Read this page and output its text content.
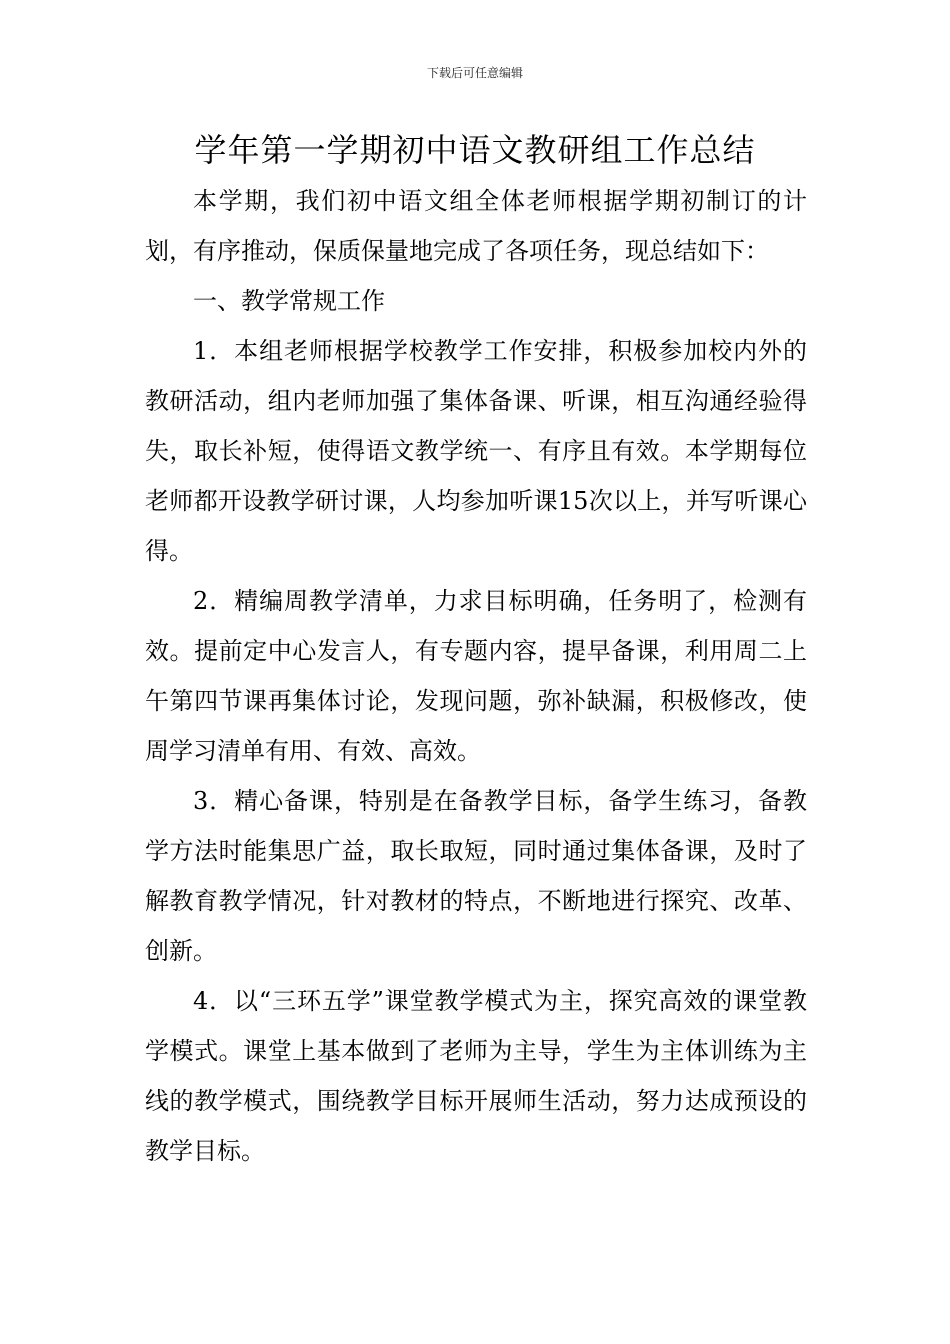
下载后可任意编辑
学年第一学期初中语文教研组工作总结

本学期，我们初中语文组全体老师根据学期初制订的计划，有序推动，保质保量地完成了各项任务，现总结如下：

一、教学常规工作

1．本组老师根据学校教学工作安排，积极参加校内外的教研活动，组内老师加强了集体备课、听课，相互沟通经验得失，取长补短，使得语文教学统一、有序且有效。本学期每位老师都开设教学研讨课，人均参加听课15次以上，并写听课心得。

2．精编周教学清单，力求目标明确，任务明了，检测有效。提前定中心发言人，有专题内容，提早备课，利用周二上午第四节课再集体讨论，发现问题，弥补缺漏，积极修改，使周学习清单有用、有效、高效。

3．精心备课，特别是在备教学目标，备学生练习，备教学方法时能集思广益，取长取短，同时通过集体备课，及时了解教育教学情况，针对教材的特点，不断地进行探究、改革、创新。

4．以“三环五学”课堂教学模式为主，探究高效的课堂教学模式。课堂上基本做到了老师为主导，学生为主体训练为主线的教学模式，围绕教学目标开展师生活动，努力达成预设的教学目标。
